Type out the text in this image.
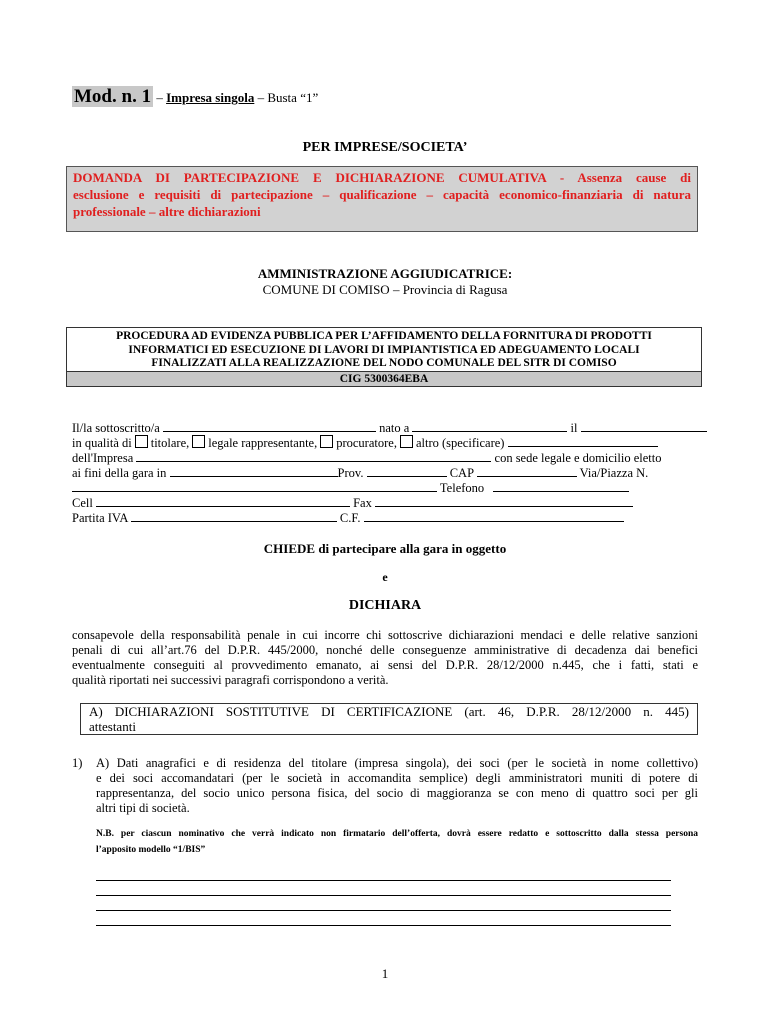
Mod. n. 1 – Impresa singola – Busta “1”
PER IMPRESE/SOCIETA’
DOMANDA DI PARTECIPAZIONE E DICHIARAZIONE CUMULATIVA - Assenza cause di
esclusione e requisiti di partecipazione – qualificazione – capacità economico-finanziaria di natura
professionale – altre dichiarazioni
AMMINISTRAZIONE AGGIUDICATRICE:
COMUNE DI COMISO – Provincia di Ragusa
PROCEDURA AD EVIDENZA PUBBLICA PER L’AFFIDAMENTO DELLA FORNITURA DI PRODOTTI
INFORMATICI ED ESECUZIONE DI LAVORI DI IMPIANTISTICA ED ADEGUAMENTO LOCALI
FINALIZZATI ALLA REALIZZAZIONE DEL NODO COMUNALE DEL SITR DI COMISO
CIG 5300364EBA
Il/la sottoscritto/a	nato a	il
in qualità di titolare, legale rappresentante, procuratore, altro (specificare)
dell'Impresa	con sede legale e domicilio eletto
ai fini della gara in	Prov.	CAP	Via/Piazza N.
Telefono
Cell	Fax
Partita IVA	C.F.
CHIEDE di partecipare alla gara in oggetto
e
DICHIARA
consapevole della responsabilità penale in cui incorre chi sottoscrive dichiarazioni mendaci e delle relative sanzioni
penali di cui all’art.76 del D.P.R. 445/2000, nonché delle conseguenze amministrative di decadenza dai benefici
eventualmente conseguiti al provvedimento emanato, ai sensi del D.P.R. 28/12/2000 n.445, che i fatti, stati e
qualità riportati nei successivi paragrafi corrispondono a verità.
A) DICHIARAZIONI SOSTITUTIVE DI CERTIFICAZIONE (art. 46, D.P.R. 28/12/2000 n. 445)
attestanti
1) A) Dati anagrafici e di residenza del titolare (impresa singola), dei soci (per le società in nome collettivo)
e dei soci accomandatari (per le società in accomandita semplice) degli amministratori muniti di potere di
rappresentanza, del socio unico persona fisica, del socio di maggioranza se con meno di quattro soci per gli
altri tipi di società.
N.B. per ciascun nominativo che verrà indicato non firmatario dell’offerta, dovrà essere redatto e sottoscritto dalla stessa persona
l’apposito modello “1/BIS”
1
